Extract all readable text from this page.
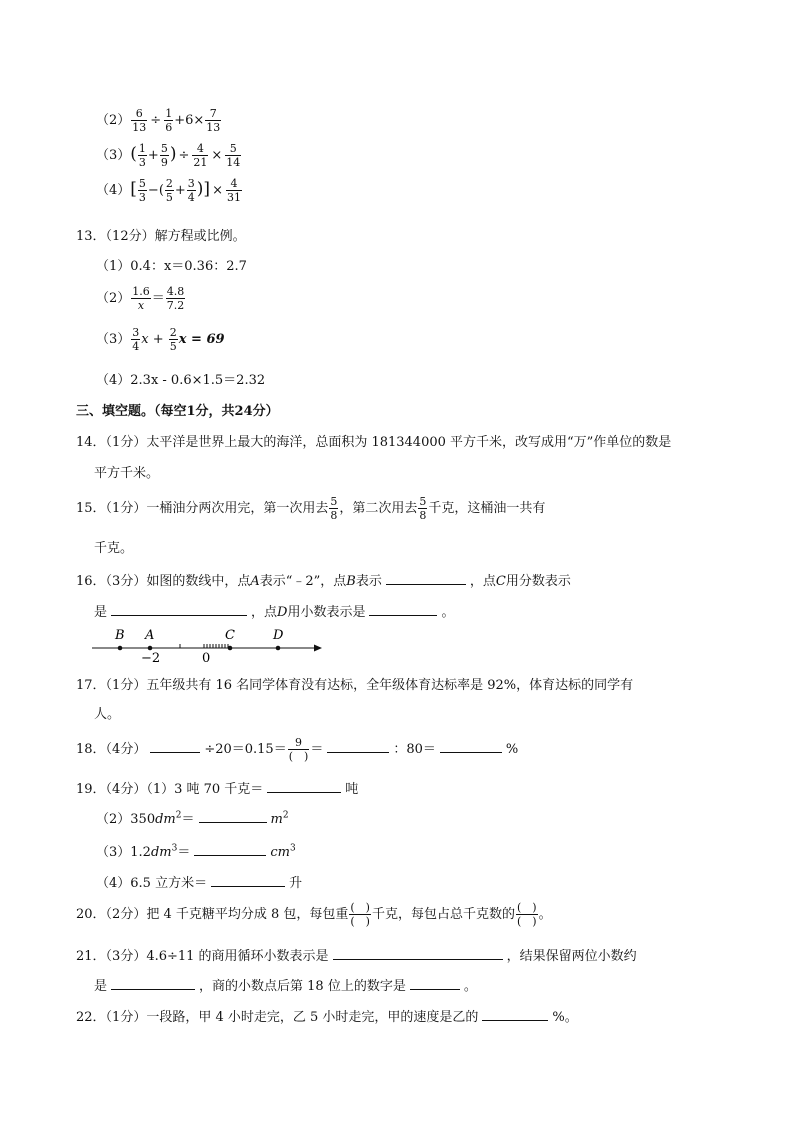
$(2) \frac{6}{13} \div \frac{1}{6} +6\times \frac{7}{13}$
$(3)( \frac{1}{3} + \frac{5}{9}$ ) ÷ $\frac{4}{21} \times \frac{5}{14}$
$(4)[ \frac{5}{3}$ −( $\frac{2}{5} + \frac{3}{4}$ )] × $\frac{4}{31}$
13．（12分）解方程或比例。
（1）0.4：x＝0.36：2.7
$(2) \frac{1.6}{x} = \frac{4.8}{7.2}$
$(3) \frac{3}{4}$ $x + \frac{2}{5}$ x = 69
（4）2.3x - 0.6×1.5＝2.32
三、填空题。（每空1分，共24分）
14．（1分）太平洋是世界上最大的海洋，总面积为 181344000 平方千米，改写成用“万”作单位的数是
平方千米。
15．（1分）一桶油分两次用完，第一次用去 $\frac{5}{8}$ ，第二次用去 $\frac{5}{8}$ 千克，这桶油一共有
千克。
16．（3分）如图的数线中，点A表示“﹣2”，点B表示	，点C用分数表示
是	，点D用小数表示是	。
B A	C	D
−2	0
17．（1分）五年级共有 16 名同学体育没有达标，全年级体育达标率是 92%，体育达标的同学有
人。
18．（4分）	$\div 20=0.15= \frac{9}{( )}$ ＝	：80＝	%
19．（4分）（1）3 吨 70 千克＝	吨
$(2)350dm^2=$	$m^2$
$(3)1.2dm^3=$	$cm^3$
（4）6.5 立方米＝	升
20．（2分）把 4 千克糖平均分成 8 包，每包重 $\frac{( )}{( )}$ 千克，每包占总千克数的 $\frac{( )}{( )}$ 。
21．（3分）4.6÷11 的商用循环小数表示是	，结果保留两位小数约
是	，商的小数点后第 18 位上的数字是	。
22．（1分）一段路，甲 4 小时走完，乙 5 小时走完，甲的速度是乙的	%。
